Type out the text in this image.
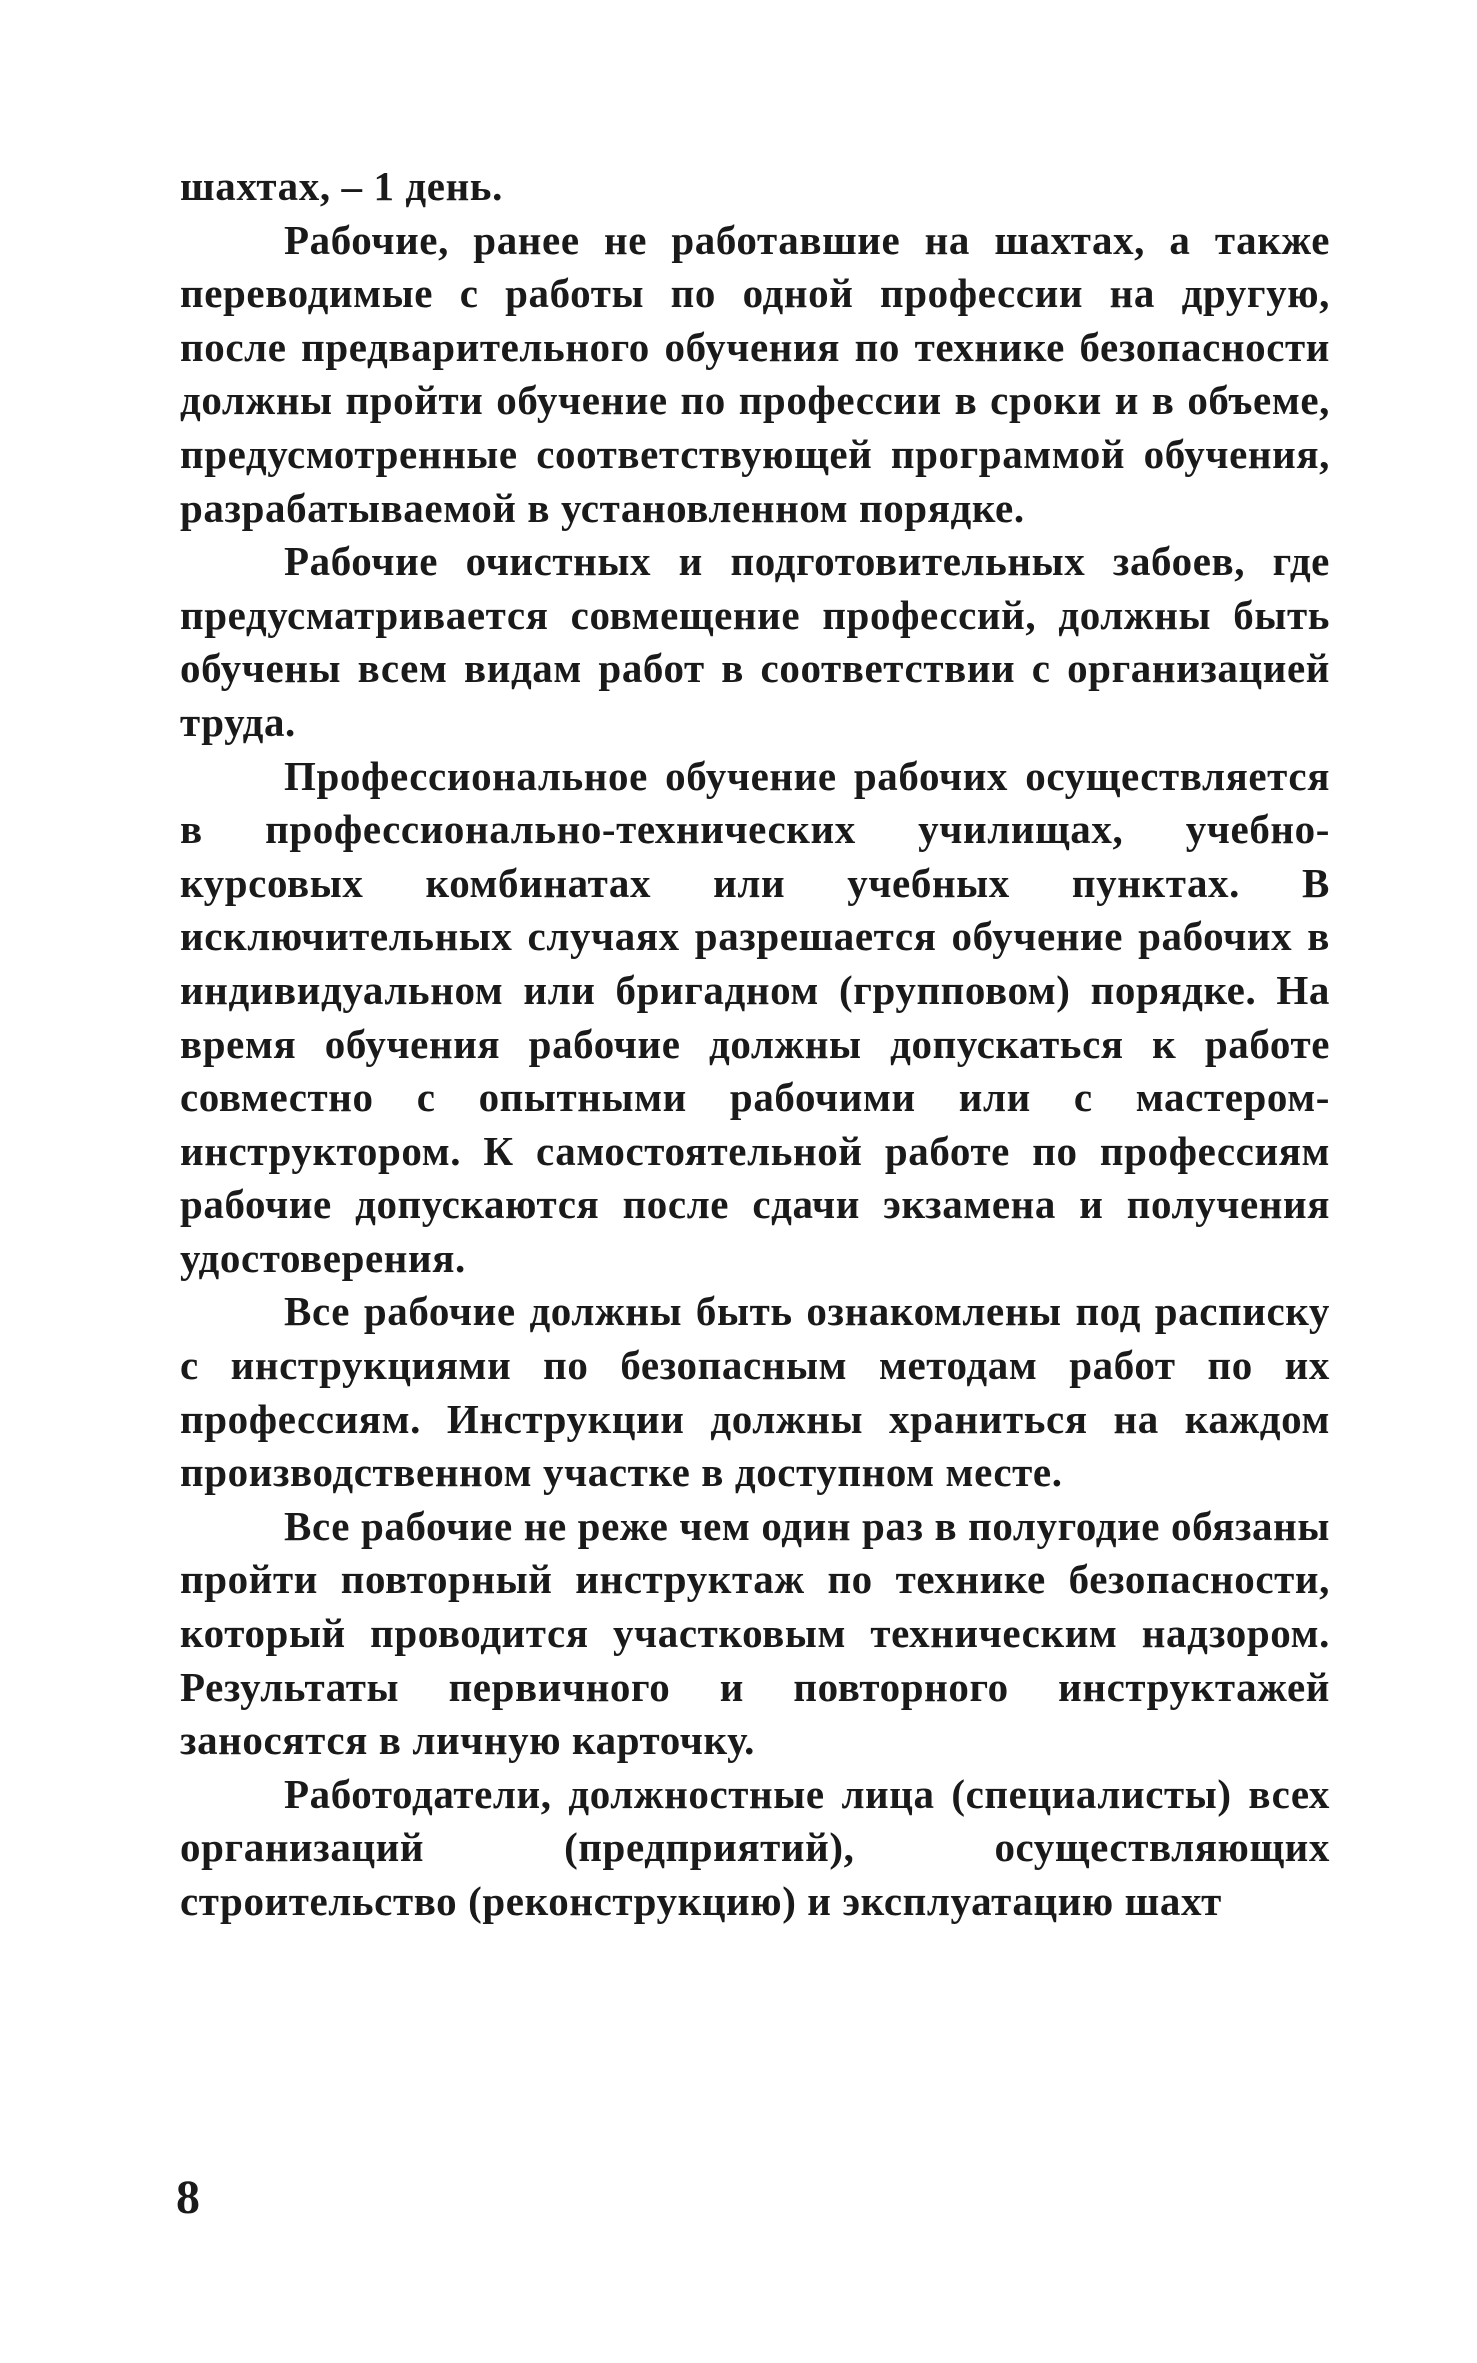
шахтах, – 1 день.

Рабочие, ранее не работавшие на шахтах, а также переводимые с работы по одной профессии на другую, после предварительного обучения по технике безопасности должны пройти обучение по профессии в сроки и в объеме, предусмотренные соответствующей программой обучения, разрабатываемой в установленном порядке.

Рабочие очистных и подготовительных забоев, где предусматривается совмещение профессий, должны быть обучены всем видам работ в соответствии с организацией труда.

Профессиональное обучение рабочих осуществляется в профессионально-технических училищах, учебно-курсовых комбинатах или учебных пунктах. В исключительных случаях разрешается обучение рабочих в индивидуальном или бригадном (групповом) порядке. На время обучения рабочие должны допускаться к работе совместно с опытными рабочими или с мастером-инструктором. К самостоятельной работе по профессиям рабочие допускаются после сдачи экзамена и получения удостоверения.

Все рабочие должны быть ознакомлены под расписку с инструкциями по безопасным методам работ по их профессиям. Инструкции должны храниться на каждом производственном участке в доступном месте.

Все рабочие не реже чем один раз в полугодие обязаны пройти повторный инструктаж по технике безопасности, который проводится участковым техническим надзором. Результаты первичного и повторного инструктажей заносятся в личную карточку.

Работодатели, должностные лица (специалисты) всех организаций (предприятий), осуществляющих строительство (реконструкцию) и эксплуатацию шахт

8
